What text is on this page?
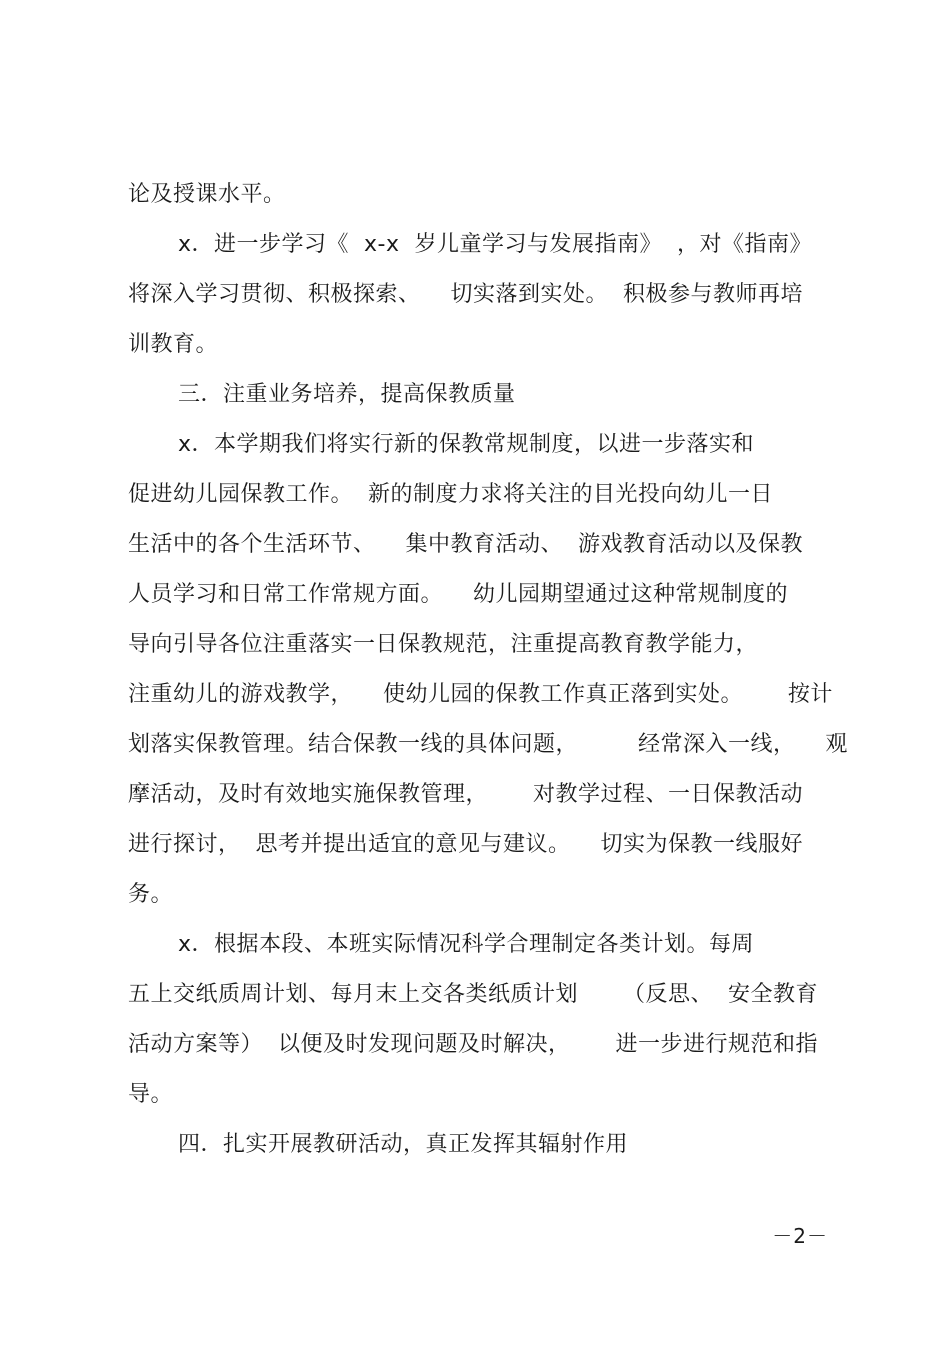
论及授课水平。
x．进一步学习《  x-x  岁儿童学习与发展指南》  ，对《指南》
将深入学习贯彻、积极探索、    切实落到实处。  积极参与教师再培
训教育。
三．注重业务培养，提高保教质量
x．本学期我们将实行新的保教常规制度，以进一步落实和
促进幼儿园保教工作。  新的制度力求将关注的目光投向幼儿一日
生活中的各个生活环节、    集中教育活动、  游戏教育活动以及保教
人员学习和日常工作常规方面。    幼儿园期望通过这种常规制度的
导向引导各位注重落实一日保教规范，注重提高教育教学能力，
注重幼儿的游戏教学，    使幼儿园的保教工作真正落到实处。      按计
划落实保教管理。结合保教一线的具体问题，        经常深入一线，    观
摩活动，及时有效地实施保教管理，      对教学过程、一日保教活动
进行探讨，  思考并提出适宜的意见与建议。    切实为保教一线服好
务。
x．根据本段、本班实际情况科学合理制定各类计划。每周
五上交纸质周计划、每月末上交各类纸质计划      （反思、  安全教育
活动方案等）  以便及时发现问题及时解决，      进一步进行规范和指
导。
四．扎实开展教研活动，真正发挥其辐射作用
－2－
